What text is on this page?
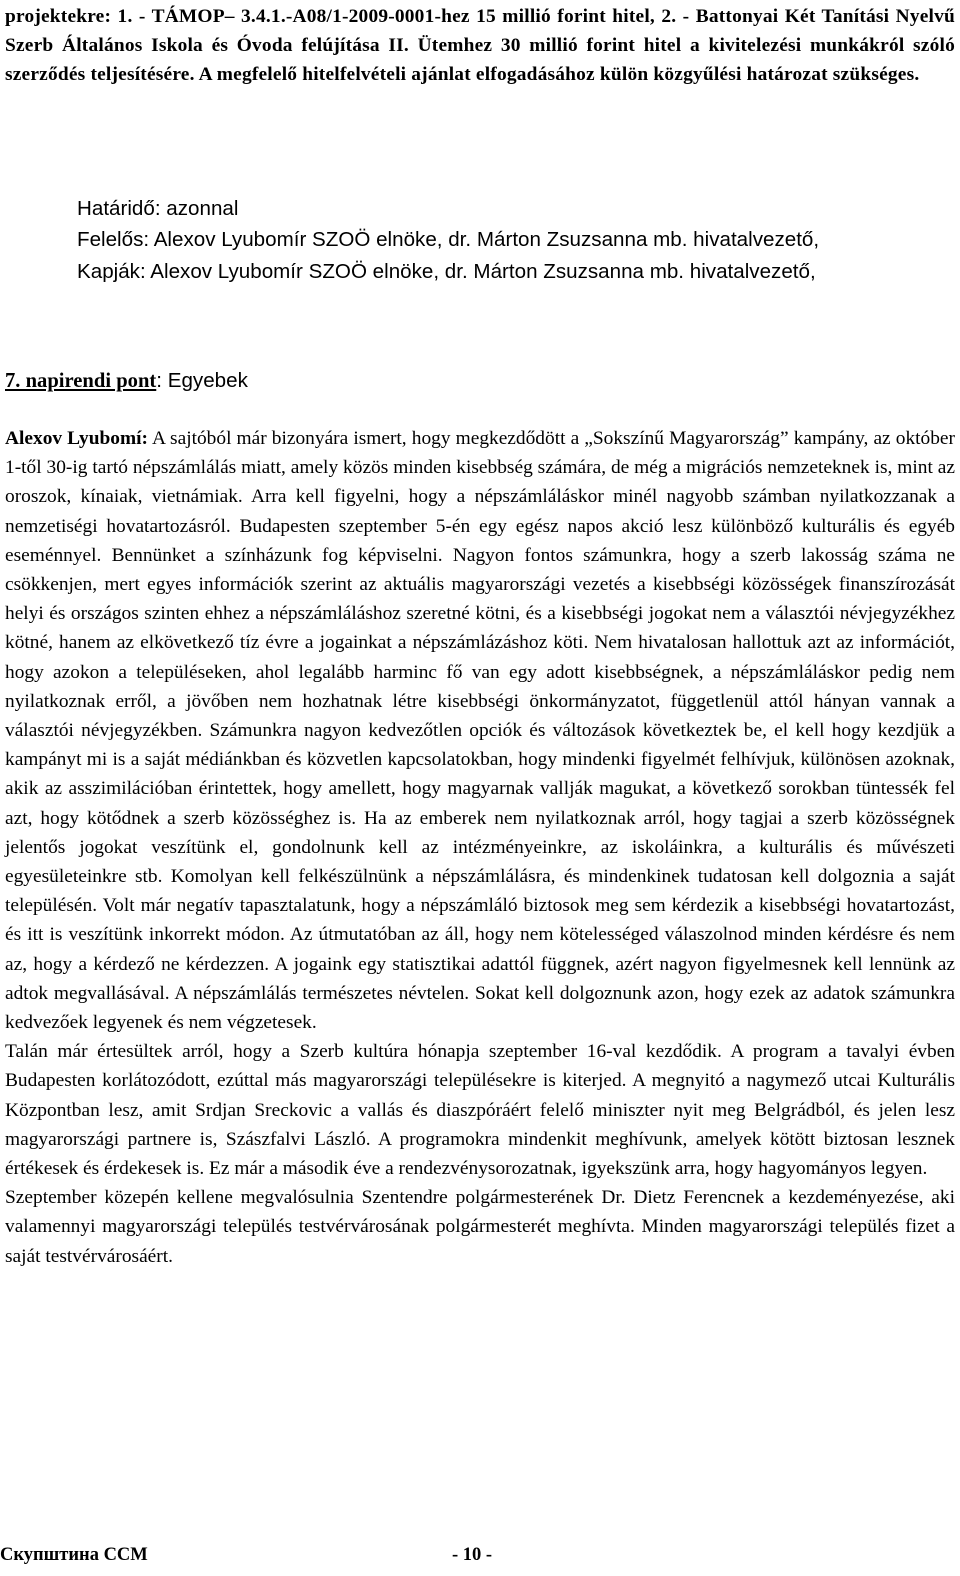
projektekre: 1. - TÁMOP– 3.4.1.-A08/1-2009-0001-hez 15 millió forint hitel, 2. - Battonyai Két Tanítási Nyelvű Szerb Általános Iskola és Óvoda felújítása II. Ütemhez 30 millió forint hitel a kivitelezési munkákról szóló szerződés teljesítésére. A megfelelő hitelfelvételi ajánlat elfogadásához külön közgyűlési határozat szükséges.

Határidő: azonnal
Felelős: Alexov Lyubomír SZOÖ elnöke, dr. Márton Zsuzsanna mb. hivatalvezető,
Kapják: Alexov Lyubomír SZOÖ elnöke, dr. Márton Zsuzsanna mb. hivatalvezető,
7. napirendi pont: Egyebek

Alexov Lyubomí: A sajtóból már bizonyára ismert, hogy megkezdődött a „Sokszínű Magyarország” kampány, az október 1-től 30-ig tartó népszámlálás miatt, amely közös minden kisebbség számára, de még a migrációs nemzeteknek is, mint az oroszok, kínaiak, vietnámiak. Arra kell figyelni, hogy a népszámláláskor minél nagyobb számban nyilatkozzanak a nemzetiségi hovatartozásról. Budapesten szeptember 5-én egy egész napos akció lesz különböző kulturális és egyéb eseménnyel. Bennünket a színházunk fog képviselni. Nagyon fontos számunkra, hogy a szerb lakosság száma ne csökkenjen, mert egyes információk szerint az aktuális magyarországi vezetés a kisebbségi közösségek finanszírozását helyi és országos szinten ehhez a népszámláláshoz szeretné kötni, és a kisebbségi jogokat nem a választói névjegyzékhez kötné, hanem az elkövetkező tíz évre a jogainkat a népszámlázáshoz köti. Nem hivatalosan hallottuk azt az információt, hogy azokon a településeken, ahol legalább harminc fő van egy adott kisebbségnek, a népszámláláskor pedig nem nyilatkoznak erről, a jövőben nem hozhatnak létre kisebbségi önkormányzatot, függetlenül attól hányan vannak a választói névjegyzékben. Számunkra nagyon kedvezőtlen opciók és változások következtek be, el kell hogy kezdjük a kampányt mi is a saját médiánkban és közvetlen kapcsolatokban, hogy mindenki figyelmét felhívjuk, különösen azoknak, akik az asszimilációban érintettek, hogy amellett, hogy magyarnak vallják magukat, a következő sorokban tüntessék fel azt, hogy kötődnek a szerb közösséghez is. Ha az emberek nem nyilatkoznak arról, hogy tagjai a szerb közösségnek jelentős jogokat veszítünk el, gondolnunk kell az intézményeinkre, az iskoláinkra, a kulturális és művészeti egyesületeinkre stb. Komolyan kell felkészülnünk a népszámlálásra, és mindenkinek tudatosan kell dolgoznia a saját településén. Volt már negatív tapasztalatunk, hogy a népszámláló biztosok meg sem kérdezik a kisebbségi hovatartozást, és itt is veszítünk inkorrekt módon. Az útmutatóban az áll, hogy nem kötelességed válaszolnod minden kérdésre és nem az, hogy a kérdező ne kérdezzen. A jogaink egy statisztikai adattól függnek, azért nagyon figyelmesnek kell lennünk az adtok megvallásával. A népszámlálás természetes névtelen. Sokat kell dolgoznunk azon, hogy ezek az adatok számunkra kedvezőek legyenek és nem végzetesek.

Talán már értesültek arról, hogy a Szerb kultúra hónapja szeptember 16-val kezdődik. A program a tavalyi évben Budapesten korlátozódott, ezúttal más magyarországi településekre is kiterjed. A megnyitó a nagymező utcai Kulturális Központban lesz, amit Srdjan Sreckovic a vallás és diaszpóráért felelő miniszter nyit meg Belgrádból, és jelen lesz magyarországi partnere is, Szászfalvi László. A programokra mindenkit meghívunk, amelyek kötött biztosan lesznek értékesek és érdekesek is. Ez már a második éve a rendezvénysorozatnak, igyekszünk arra, hogy hagyományos legyen.

Szeptember közepén kellene megvalósulnia Szentendre polgármesterének Dr. Dietz Ferencnek a kezdeményezése, aki valamennyi magyarországi település testvérvárosának polgármesterét meghívta. Minden magyarországi település fizet a saját testvérvárosáért.

Скупштина ССМ	- 10 -
